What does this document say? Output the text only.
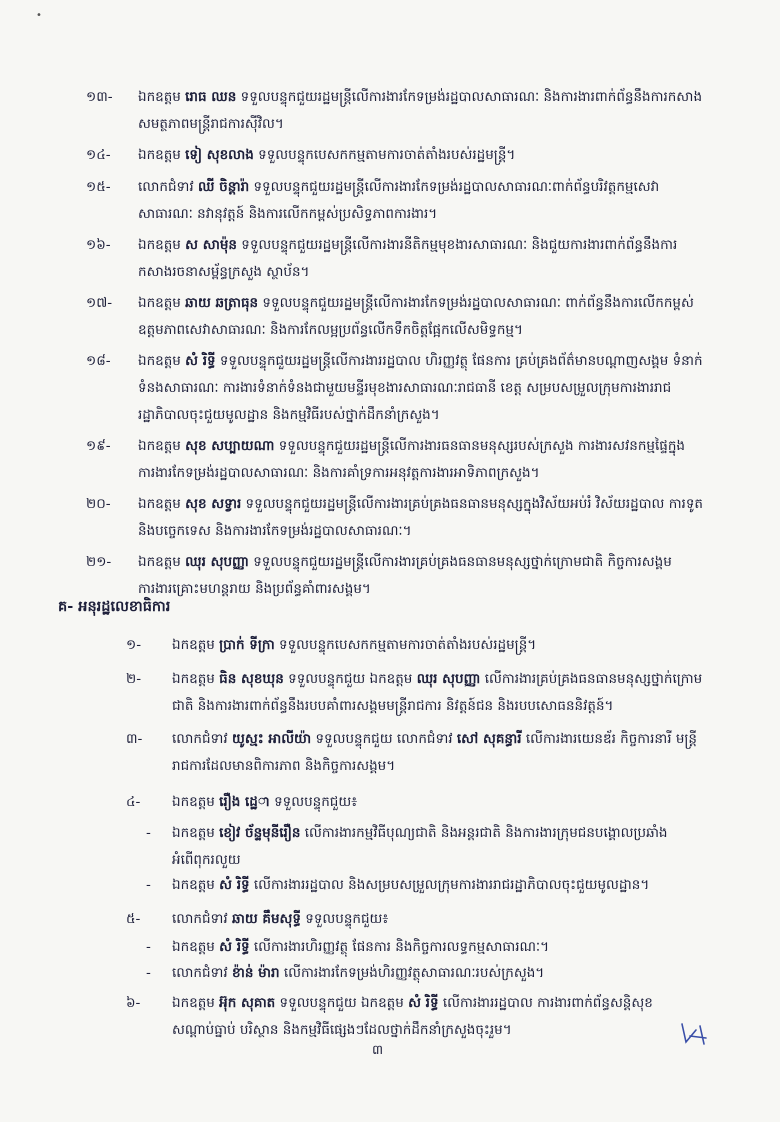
•
១៣-	ឯកឧត្តម រោធ ឈន ទទួលបន្ទុកជួយរដ្ឋមន្រ្តីលើការងារកែទម្រង់រដ្ឋបាលសាធារណៈ និងការងារពាក់ព័ន្ធនឹងការកសាងសមត្ថភាពមន្រ្តីរាជការស៊ីវិល។
១៤-	ឯកឧត្តម ទៀ សុខលាង ទទួលបន្ទុកបេសកកម្មតាមការចាត់តាំងរបស់រដ្ឋមន្រ្តី។
១៥-	លោកជំទាវ ឈី ចិន្តារ៉ា ទទួលបន្ទុកជួយរដ្ឋមន្រ្តីលើការងារកែទម្រង់រដ្ឋបាលសាធារណៈពាក់ព័ន្ធបរិវត្តកម្មសេវាសាធារណៈ នវានុវត្តន៍ និងការលើកកម្ពស់ប្រសិទ្ធភាពការងារ។
១៦-	ឯកឧត្តម ស សាម៉ុន ទទួលបន្ទុកជួយរដ្ឋមន្រ្តីលើការងារនីតិកម្មមុខងារសាធារណៈ និងជួយការងារពាក់ព័ន្ធនឹងការកសាងរចនាសម្ព័ន្ធក្រសួង ស្ថាប័ន។
១៧-	ឯកឧត្តម ឆាយ ឆត្រាធុន ទទួលបន្ទុកជួយរដ្ឋមន្រ្តីលើការងារកែទម្រង់រដ្ឋបាលសាធារណៈ ពាក់ព័ន្ធនឹងការលើកកម្ពស់ឧត្តមភាពសេវាសាធារណៈ និងការកែលម្អប្រព័ន្ធលើកទឹកចិត្តផ្អែកលើសមិទ្ធកម្ម។
១៨-	ឯកឧត្តម សំ រិទ្ធី ទទួលបន្ទុកជួយរដ្ឋមន្រ្តីលើការងាររដ្ឋបាល ហិរញ្ញវត្ថុ ផែនការ គ្រប់គ្រងព័ត៌មានបណ្ដាញសង្គម ទំនាក់ទំនងសាធារណៈ ការងារទំនាក់ទំនងជាមួយមន្ទីរមុខងារសាធារណៈរាជធានី ខេត្ត សម្របសម្រួលក្រុមការងាររាជរដ្ឋាភិបាលចុះជួយមូលដ្ឋាន និងកម្មវិធីរបស់ថ្នាក់ដឹកនាំក្រសួង។
១៩-	ឯកឧត្តម សុខ សប្បាយណា ទទួលបន្ទុកជួយរដ្ឋមន្រ្តីលើការងារធនធានមនុស្សរបស់ក្រសួង ការងារសវនកម្មផ្ទៃក្នុង ការងារកែទម្រង់រដ្ឋបាលសាធារណៈ និងការគាំទ្រការអនុវត្តការងារអាទិភាពក្រសួង។
២០-	ឯកឧត្តម សុខ សទ្វារ ទទួលបន្ទុកជួយរដ្ឋមន្រ្តីលើការងារគ្រប់គ្រងធនធានមនុស្សក្នុងវិស័យអប់រំ វិស័យរដ្ឋបាល ការទូត និងបច្ចេកទេស និងការងារកែទម្រង់រដ្ឋបាលសាធារណៈ។
២១-	ឯកឧត្តម ឈុរ សុបញ្ញា ទទួលបន្ទុកជួយរដ្ឋមន្រ្តីលើការងារគ្រប់គ្រងធនធានមនុស្សថ្នាក់ក្រោមជាតិ កិច្ចការសង្គម ការងារគ្រោះមហន្តរាយ និងប្រព័ន្ធគាំពារសង្គម។
គ- អនុរដ្ឋលេខាធិការ
១-	ឯកឧត្តម ប្រាក់ ទីក្រា ទទួលបន្ទុកបេសកកម្មតាមការចាត់តាំងរបស់រដ្ឋមន្រ្តី។
២-	ឯកឧត្តម ធិន សុខឃុន ទទួលបន្ទុកជួយ ឯកឧត្តម ឈុរ សុបញ្ញា លើការងារគ្រប់គ្រងធនធានមនុស្សថ្នាក់ក្រោមជាតិ និងការងារពាក់ព័ន្ធនឹងរបបគាំពារសង្គមមន្រ្តីរាជការ និវត្តន៍ជន និងរបបសោធននិវត្តន៍។
៣-	លោកជំទាវ យូស្មះ អាលីយ៉ា ទទួលបន្ទុកជួយ លោកជំទាវ សៅ សុគន្ធារី លើការងារយេនឌ័រ កិច្ចការនារី មន្រ្តីរាជការដែលមានពិការភាព និងកិច្ចការសង្គម។
៤-	ឯកឧត្តម រឿង ដេ្ឋា ទទួលបន្ទុកជួយ៖
-	ឯកឧត្តម ខៀវ ច័ន្ទមុនីរឿន លើការងារកម្មវិធីបុណ្យជាតិ និងអន្តរជាតិ និងការងារក្រុមជនបង្គោលប្រឆាំងអំពើពុករលួយ
-	ឯកឧត្តម សំ រិទ្ធី លើការងាររដ្ឋបាល និងសម្របសម្រួលក្រុមការងាររាជរដ្ឋាភិបាលចុះជួយមូលដ្ឋាន។
៥-	លោកជំទាវ ឆាយ គឹមសុទ្ធី ទទួលបន្ទុកជួយ៖
-	ឯកឧត្តម សំ រិទ្ធី លើការងារហិរញ្ញវត្ថុ ផែនការ និងកិច្ចការលទ្ធកម្មសាធារណៈ។
-	លោកជំទាវ ខ៉ាន់ ម៉ារា លើការងារកែទម្រង់ហិរញ្ញវត្ថុសាធារណៈរបស់ក្រសួង។
៦-	ឯកឧត្តម អ៊ុក សុគាត ទទួលបន្ទុកជួយ ឯកឧត្តម សំ រិទ្ធី លើការងាររដ្ឋបាល ការងារពាក់ព័ន្ធសន្តិសុខ សណ្ដាប់ធ្នាប់ បរិស្ថាន និងកម្មវិធីផ្សេងៗដែលថ្នាក់ដឹកនាំក្រសួងចុះរួម។
៣
